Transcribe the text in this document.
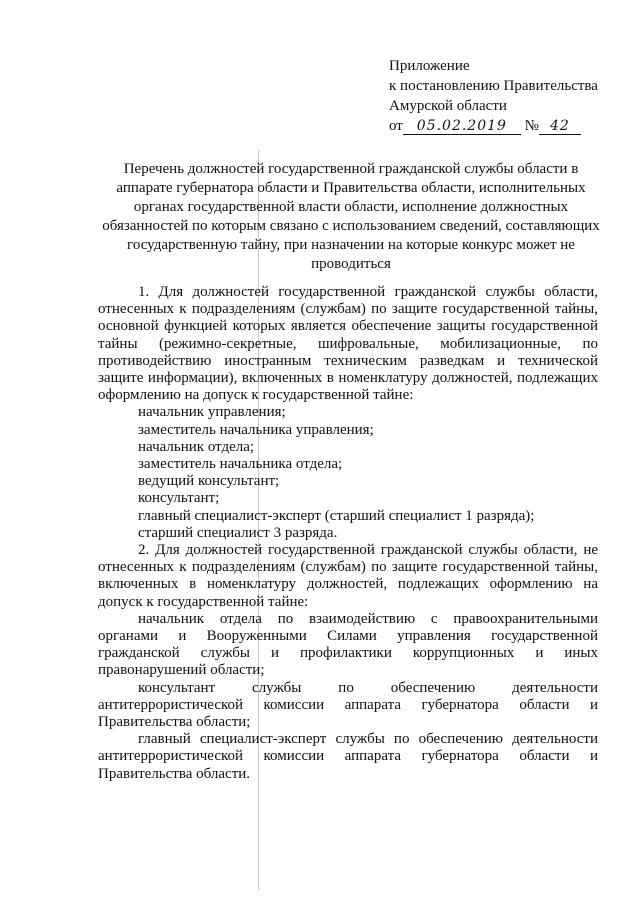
Приложение
к постановлению Правительства
Амурской области
от 05.02.2019 № 42
Перечень должностей государственной гражданской службы области в аппарате губернатора области и Правительства области, исполнительных органах государственной власти области, исполнение должностных обязанностей по которым связано с использованием сведений, составляющих государственную тайну, при назначении на которые конкурс может не проводиться

1. Для должностей государственной гражданской службы области, отнесенных к подразделениям (службам) по защите государственной тайны, основной функцией которых является обеспечение защиты государственной тайны (режимно-секретные, шифровальные, мобилизационные, по противодействию иностранным техническим разведкам и технической защите информации), включенных в номенклатуру должностей, подлежащих оформлению на допуск к государственной тайне:

начальник управления;

заместитель начальника управления;

начальник отдела;

заместитель начальника отдела;

ведущий консультант;

консультант;

главный специалист-эксперт (старший специалист 1 разряда);

старший специалист 3 разряда.

2. Для должностей государственной гражданской службы области, не отнесенных к подразделениям (службам) по защите государственной тайны, включенных в номенклатуру должностей, подлежащих оформлению на допуск к государственной тайне:

начальник отдела по взаимодействию с правоохранительными органами и Вооруженными Силами управления государственной гражданской службы и профилактики коррупционных и иных правонарушений области;

консультант службы по обеспечению деятельности антитеррористической комиссии аппарата губернатора области и Правительства области;

главный специалист-эксперт службы по обеспечению деятельности антитеррористической комиссии аппарата губернатора области и Правительства области.
